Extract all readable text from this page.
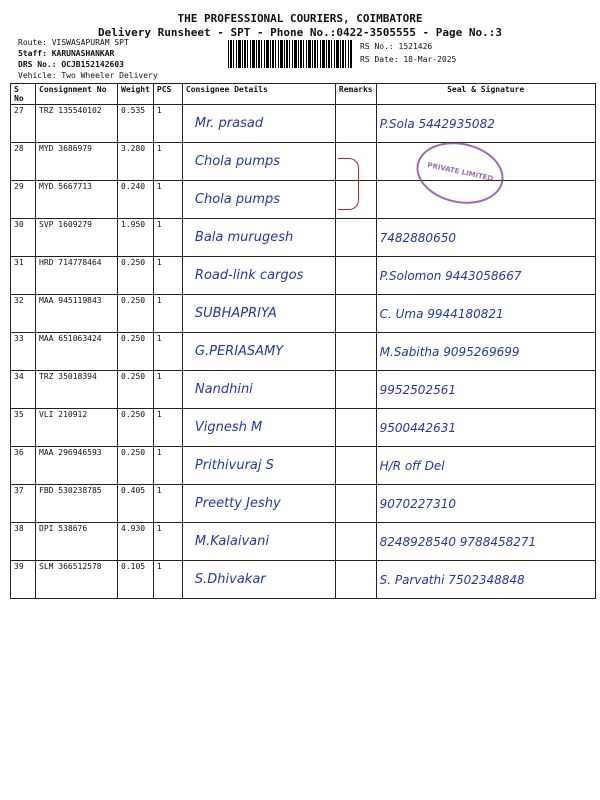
THE PROFESSIONAL COURIERS, COIMBATORE
Delivery Runsheet - SPT - Phone No.:0422-3505555 - Page No.:3
Route: VISWASAPURAM SPT
Staff: KARUNASHANKAR
DRS No.: OCJB152142603
Vehicle: Two Wheeler Delivery
RS No.: 1521426
RS Date: 18-Mar-2025
S No	Consignment No	Weight	PCS	Consignee Details	Remarks	Seal & Signature
27	TRZ 135540102	0.535	1	Mr. prasad		P.Sola 5442935082
28	MYD 3686979	3.280	1	Chola pumps		
29	MYD 5667713	0.240	1	Chola pumps		
30	SVP 1609279	1.950	1	Bala murugesh		7482880650
31	HRD 714778464	0.250	1	Road-link cargos		P.Solomon 9443058667
32	MAA 945119843	0.250	1	SUBHAPRIYA		C. Uma 9944180821
33	MAA 651063424	0.250	1	G.PERIASAMY		M.Sabitha 9095269699
34	TRZ 35018394	0.250	1	Nandhini		9952502561
35	VLI 210912	0.250	1	Vignesh M		9500442631
36	MAA 296946593	0.250	1	Prithivuraj S		H/R off Del
37	FBD 530238785	0.405	1	Preetty Jeshy		9070227310
38	DPI 538676	4.930	1	M.Kalaivani		8248928540 9788458271
39	SLM 366512578	0.105	1	S.Dhivakar		S. Parvathi 7502348848
PRIVATE LIMITED
